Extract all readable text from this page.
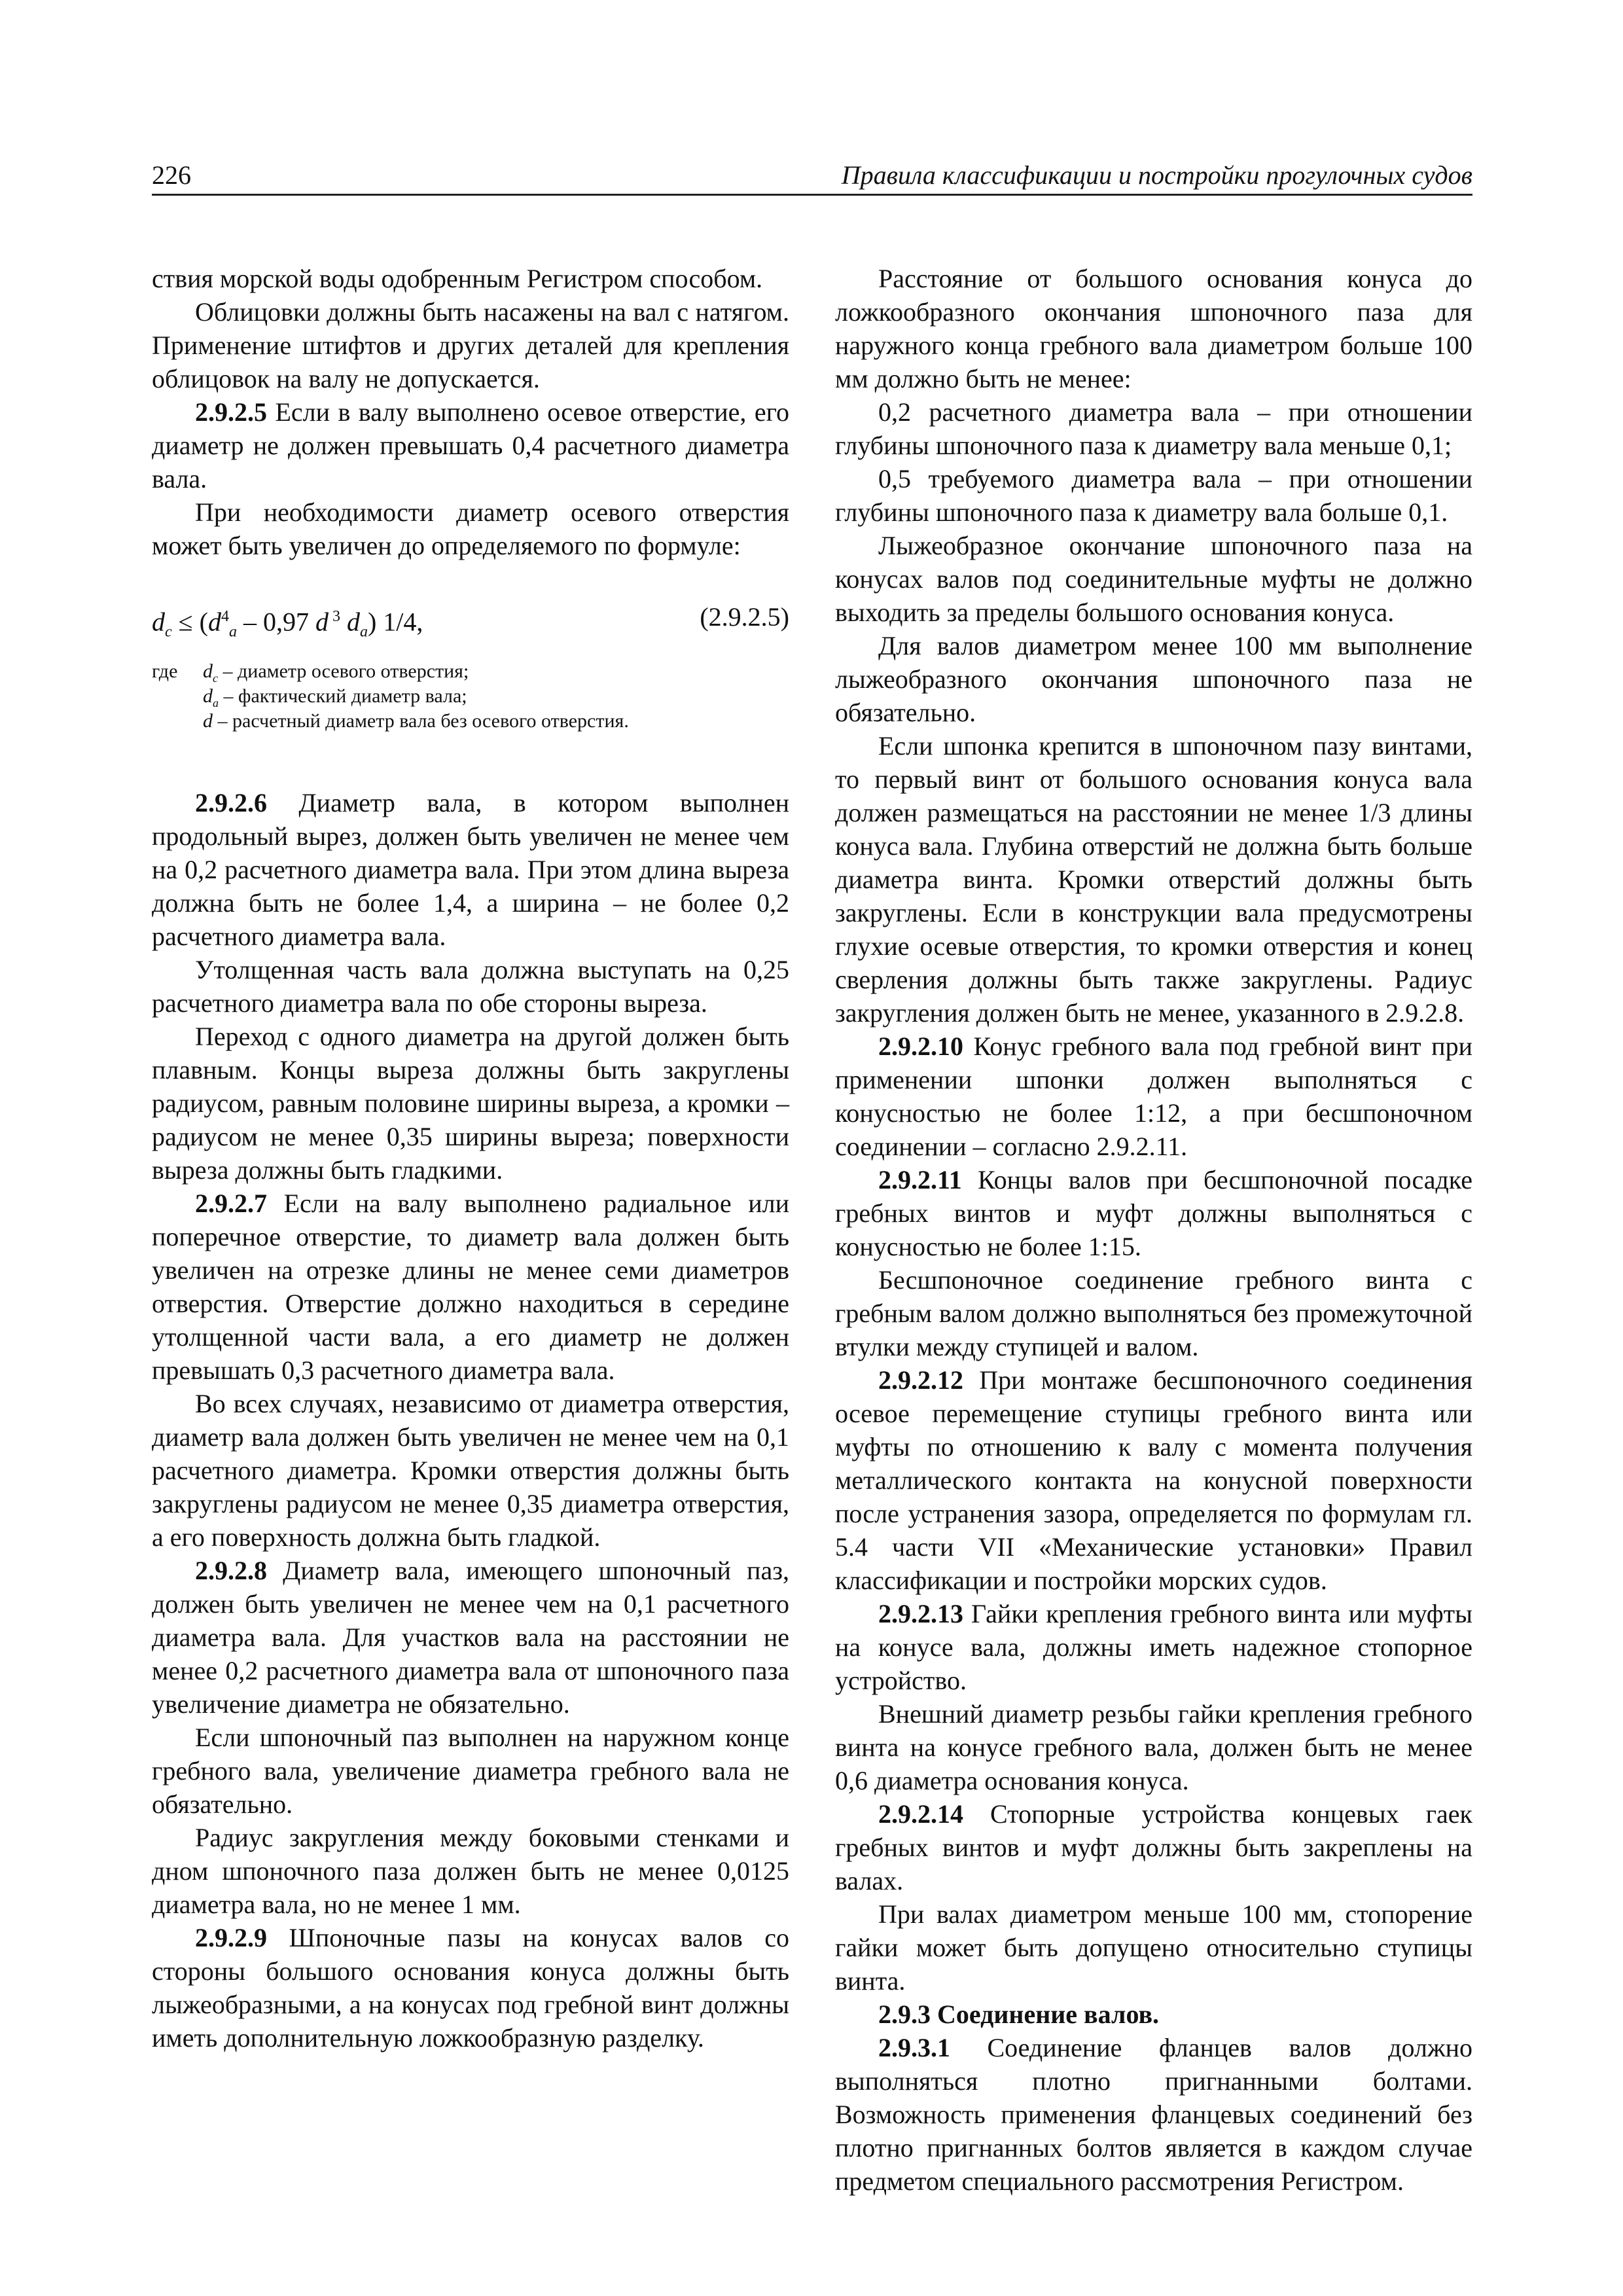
226	Правила классификации и постройки прогулочных судов

ствия морской воды одобренным Регистром способом.

Облицовки должны быть насажены на вал с натягом. Применение штифтов и других деталей для крепления облицовок на валу не допускается.

2.9.2.5 Если в валу выполнено осевое отверстие, его диаметр не должен превышать 0,4 расчетного диаметра вала.

При необходимости диаметр осевого отверстия может быть увеличен до определяемого по формуле:

$d_c \le (d^4_a - 0,97$ d $^3$ $d_a$) 1/4,	(2.9.2.5)
где $d_c$ – диаметр осевого отверстия;
$d_a$ – фактический диаметр вала;
d – расчетный диаметр вала без осевого отверстия.

2.9.2.6 Диаметр вала, в котором выполнен продольный вырез, должен быть увеличен не менее чем на 0,2 расчетного диаметра вала. При этом длина выреза должна быть не более 1,4, а ширина – не более 0,2 расчетного диаметра вала.

Утолщенная часть вала должна выступать на 0,25 расчетного диаметра вала по обе стороны выреза.

Переход с одного диаметра на другой должен быть плавным. Концы выреза должны быть закруглены радиусом, равным половине ширины выреза, а кромки – радиусом не менее 0,35 ширины выреза; поверхности выреза должны быть гладкими.

2.9.2.7 Если на валу выполнено радиальное или поперечное отверстие, то диаметр вала должен быть увеличен на отрезке длины не менее семи диаметров отверстия. Отверстие должно находиться в середине утолщенной части вала, а его диаметр не должен превышать 0,3 расчетного диаметра вала.

Во всех случаях, независимо от диаметра отверстия, диаметр вала должен быть увеличен не менее чем на 0,1 расчетного диаметра. Кромки отверстия должны быть закруглены радиусом не менее 0,35 диаметра отверстия, а его поверхность должна быть гладкой.

2.9.2.8 Диаметр вала, имеющего шпоночный паз, должен быть увеличен не менее чем на 0,1 расчетного диаметра вала. Для участков вала на расстоянии не менее 0,2 расчетного диаметра вала от шпоночного паза увеличение диаметра не обязательно.

Если шпоночный паз выполнен на наружном конце гребного вала, увеличение диаметра гребного вала не обязательно.

Радиус закругления между боковыми стенками и дном шпоночного паза должен быть не менее 0,0125 диаметра вала, но не менее 1 мм.

2.9.2.9 Шпоночные пазы на конусах валов со стороны большого основания конуса должны быть лыжеобразными, а на конусах под гребной винт должны иметь дополнительную ложкообразную разделку.

Расстояние от большого основания конуса до ложкообразного окончания шпоночного паза для наружного конца гребного вала диаметром больше 100 мм должно быть не менее:

0,2 расчетного диаметра вала – при отношении глубины шпоночного паза к диаметру вала меньше 0,1;

0,5 требуемого диаметра вала – при отношении глубины шпоночного паза к диаметру вала больше 0,1.

Лыжеобразное окончание шпоночного паза на конусах валов под соединительные муфты не должно выходить за пределы большого основания конуса.

Для валов диаметром менее 100 мм выполнение лыжеобразного окончания шпоночного паза не обязательно.

Если шпонка крепится в шпоночном пазу винтами, то первый винт от большого основания конуса вала должен размещаться на расстоянии не менее 1/3 длины конуса вала. Глубина отверстий не должна быть больше диаметра винта. Кромки отверстий должны быть закруглены. Если в конструкции вала предусмотрены глухие осевые отверстия, то кромки отверстия и конец сверления должны быть также закруглены. Радиус закругления должен быть не менее, указанного в 2.9.2.8.

2.9.2.10 Конус гребного вала под гребной винт при применении шпонки должен выполняться с конусностью не более 1:12, а при бесшпоночном соединении – согласно 2.9.2.11.

2.9.2.11 Концы валов при бесшпоночной посадке гребных винтов и муфт должны выполняться с конусностью не более 1:15.

Бесшпоночное соединение гребного винта с гребным валом должно выполняться без промежуточной втулки между ступицей и валом.

2.9.2.12 При монтаже бесшпоночного соединения осевое перемещение ступицы гребного винта или муфты по отношению к валу с момента получения металлического контакта на конусной поверхности после устранения зазора, определяется по формулам гл. 5.4 части VII «Механические установки» Правил классификации и постройки морских судов.

2.9.2.13 Гайки крепления гребного винта или муфты на конусе вала, должны иметь надежное стопорное устройство.

Внешний диаметр резьбы гайки крепления гребного винта на конусе гребного вала, должен быть не менее 0,6 диаметра основания конуса.

2.9.2.14 Стопорные устройства концевых гаек гребных винтов и муфт должны быть закреплены на валах.

При валах диаметром меньше 100 мм, стопорение гайки может быть допущено относительно ступицы винта.

2.9.3 Соединение валов.

2.9.3.1 Соединение фланцев валов должно выполняться плотно пригнанными болтами. Возможность применения фланцевых соединений без плотно пригнанных болтов является в каждом случае предметом специального рассмотрения Регистром.
